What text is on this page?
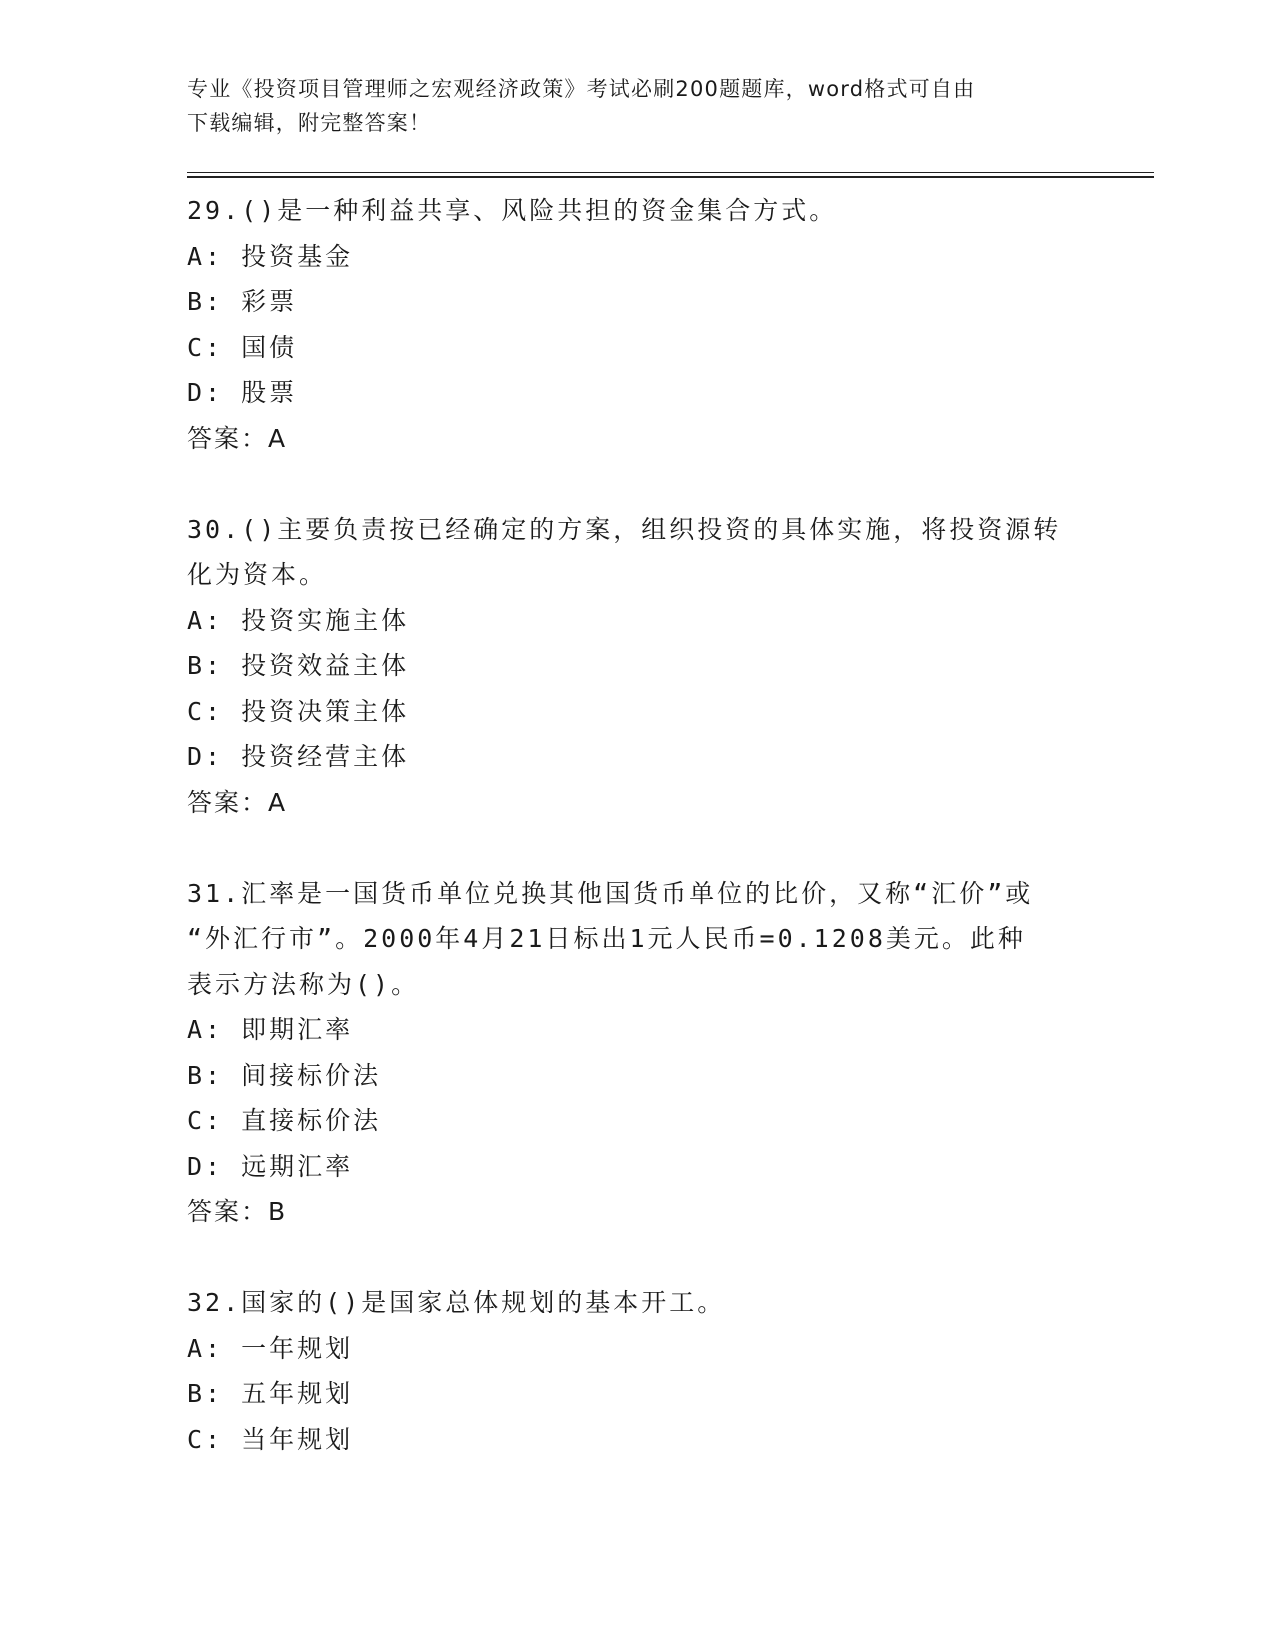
专业《投资项目管理师之宏观经济政策》考试必刷200题题库，word格式可自由
下载编辑，附完整答案！
29.()是一种利益共享、风险共担的资金集合方式。
A: 投资基金
B: 彩票
C: 国债
D: 股票
答案：A
30.()主要负责按已经确定的方案，组织投资的具体实施，将投资源转
化为资本。
A: 投资实施主体
B: 投资效益主体
C: 投资决策主体
D: 投资经营主体
答案：A
31.汇率是一国货币单位兑换其他国货币单位的比价，又称“汇价”或
“外汇行市”。2000年4月21日标出1元人民币=0.1208美元。此种
表示方法称为()。
A: 即期汇率
B: 间接标价法
C: 直接标价法
D: 远期汇率
答案：B
32.国家的()是国家总体规划的基本开工。
A: 一年规划
B: 五年规划
C: 当年规划
